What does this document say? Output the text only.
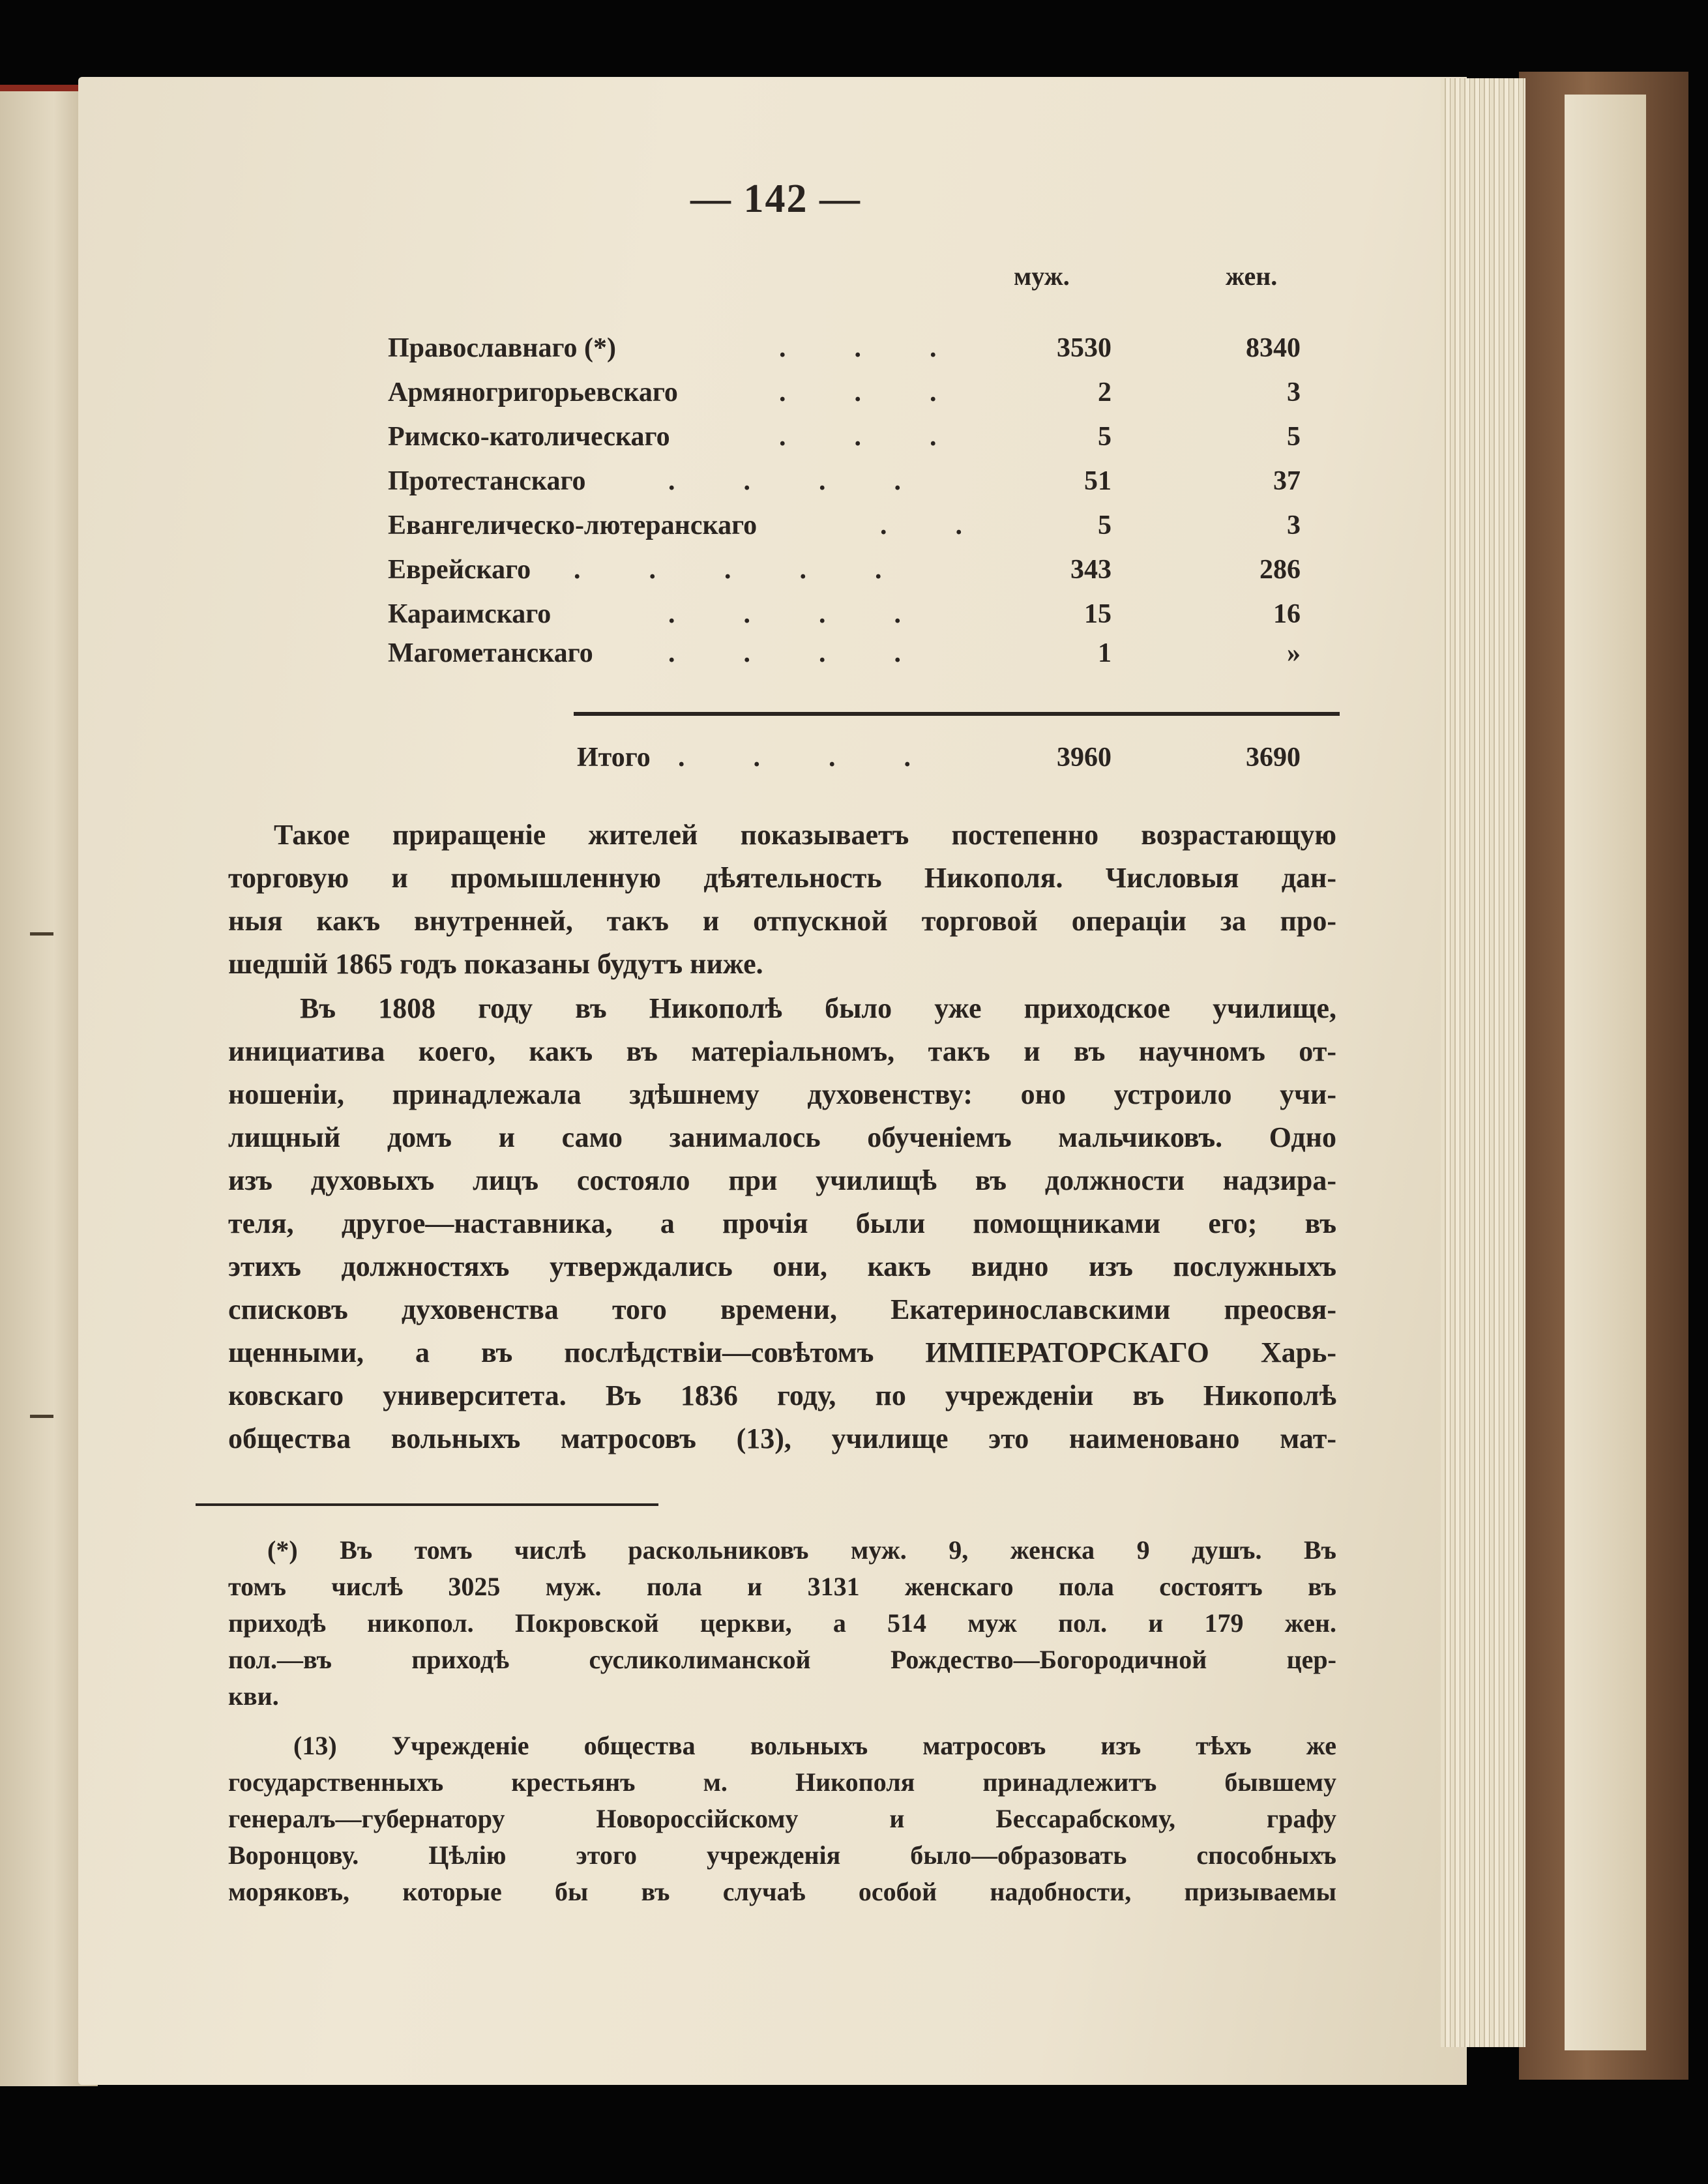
— 142 —
муж.	жен.
Православнаго (*)	.          .          .	3530	8340
Армяногригорьевскаго	.          .          .	2	3
Римско-католическаго	.          .          .	5	5
Протестанскаго	.          .          .          .	51	37
Евангелическо-лютеранскаго	.          .	5	3
Еврейскаго .          .          .          .          .	343	286
Караимскаго	.          .          .          .	15	16
Магометанскаго	.          .          .          .	1	»
Итого .          .          .          .	3960	3690
Такое приращеніе жителей показываетъ постепенно возрастающую
торговую и промышленную дѣятельность Никополя. Числовыя дан-
ныя какъ внутренней, такъ и отпускной торговой операціи за про-
шедшій 1865 годъ показаны будутъ ниже.
Въ 1808 году въ Никополѣ было уже приходское училище,
инициатива коего, какъ въ матеріальномъ, такъ и въ научномъ от-
ношеніи, принадлежала здѣшнему духовенству: оно устроило учи-
лищный домъ и само занималось обученіемъ мальчиковъ. Одно
изъ духовыхъ лицъ состояло при училищѣ въ должности надзира-
теля, другое—наставника, а прочія были помощниками его; въ
этихъ должностяхъ утверждались они, какъ видно изъ послужныхъ
списковъ духовенства того времени, Екатеринославскими преосвя-
щенными, а въ послѣдствіи—совѣтомъ ИМПЕРАТОРСКАГО Харь-
ковскаго университета. Въ 1836 году, по учрежденіи въ Никополѣ
общества вольныхъ матросовъ (13), училище это наименовано мат-
(*) Въ томъ числѣ раскольниковъ муж. 9, женска 9 душъ. Въ
томъ числѣ 3025 муж. пола и 3131 женскаго пола состоятъ въ
приходѣ никопол. Покровской церкви, а 514 муж пол. и 179 жен.
пол.—въ приходѣ сусликолиманской Рождество—Богородичной цер-
кви.
(13) Учрежденіе общества вольныхъ матросовъ изъ тѣхъ же
государственныхъ крестьянъ м. Никополя принадлежитъ бывшему
генералъ—губернатору Новороссійскому и Бессарабскому, графу
Воронцову. Цѣлію этого учрежденія было—образовать способныхъ
моряковъ, которые бы въ случаѣ особой надобности, призываемы
